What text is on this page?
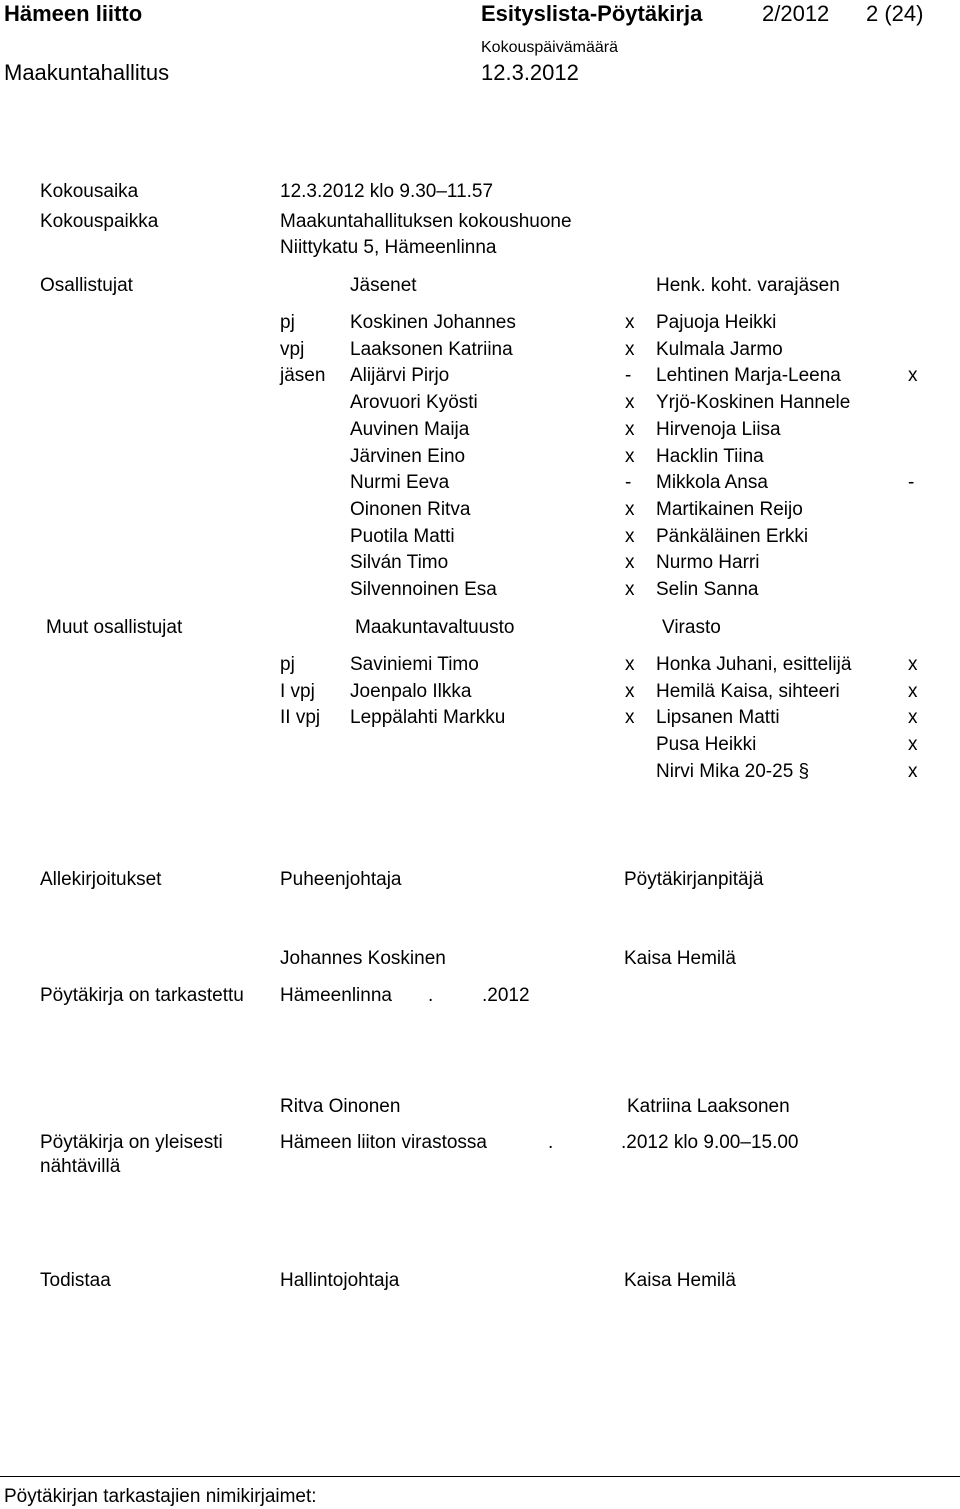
Hämeen liitto	Esityslista-Pöytäkirja	2/2012 2 (24)
Kokouspäivämäärä
Maakuntahallitus	12.3.2012
Kokousaika	12.3.2012 klo 9.30–11.57
Kokouspaikka	Maakuntahallituksen kokoushuone
Niittykatu 5, Hämeenlinna
Osallistujat	Jäsenet	Henk. koht. varajäsen
pj	Koskinen Johannes	x Pajuoja Heikki
vpj Laaksonen Katriina	x Kulmala Jarmo
jäsen Alijärvi Pirjo	- Lehtinen Marja-Leena	x
Arovuori Kyösti	x Yrjö-Koskinen Hannele
Auvinen Maija	x Hirvenoja Liisa
Järvinen Eino	x Hacklin Tiina
Nurmi Eeva	- Mikkola Ansa	-
Oinonen Ritva	x Martikainen Reijo
Puotila Matti	x Pänkäläinen Erkki
Silván Timo	x Nurmo Harri
Silvennoinen Esa	x Selin Sanna
Muut osallistujat	Maakuntavaltuusto	Virasto
pj	Saviniemi Timo	x Honka Juhani, esittelijä	x
I vpj Joenpalo Ilkka	x Hemilä Kaisa, sihteeri	x
II vpj Leppälahti Markku	x Lipsanen Matti	x
Pusa Heikki	x
Nirvi Mika 20-25 §	x
Allekirjoitukset	Puheenjohtaja	Pöytäkirjanpitäjä
Johannes Koskinen	Kaisa Hemilä
Pöytäkirja on tarkastettu Hämeenlinna .	.2012
Ritva Oinonen	Katriina Laaksonen
Pöytäkirja on yleisesti
nähtävillä
Hämeen liiton virastossa	.	.2012 klo 9.00–15.00
Todistaa	Hallintojohtaja	Kaisa Hemilä
Pöytäkirjan tarkastajien nimikirjaimet:
